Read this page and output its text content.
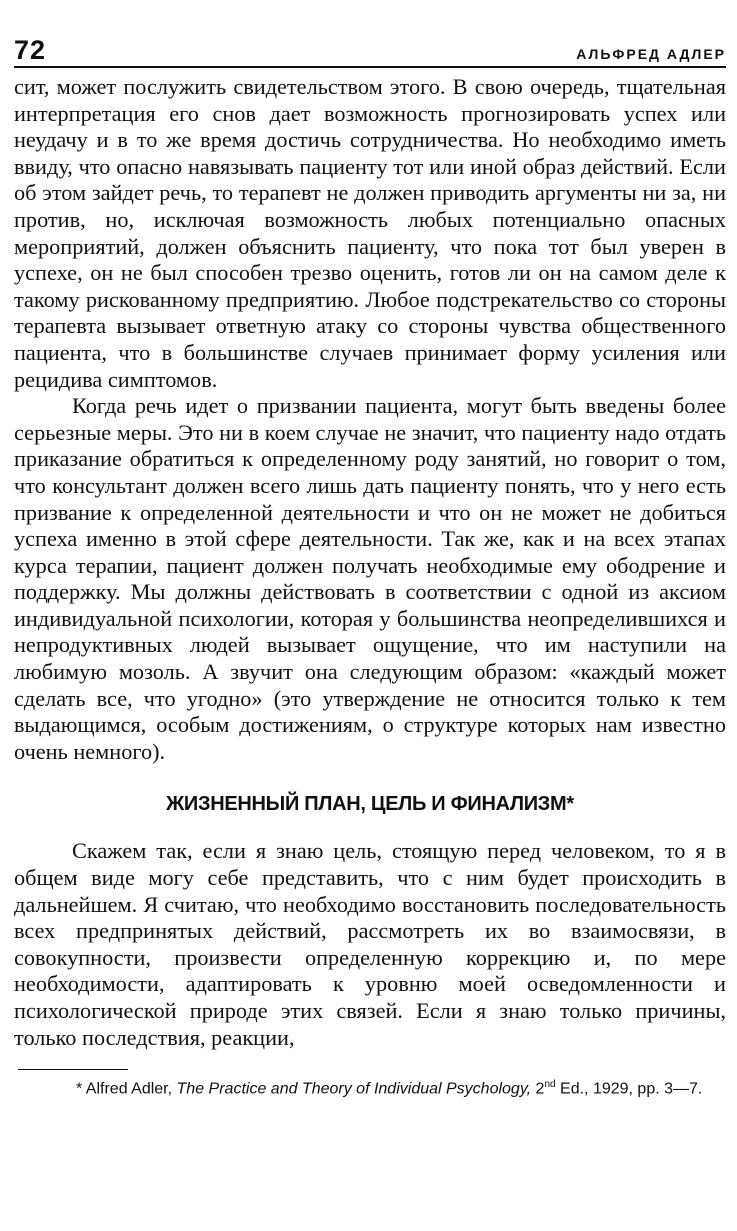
72	АЛЬФРЕД АДЛЕР

сит, может послужить свидетельством этого. В свою очередь, тщательная интерпретация его снов дает возможность прогнозировать успех или неудачу и в то же время достичь сотрудничества. Но необходимо иметь ввиду, что опасно навязывать пациенту тот или иной образ действий. Если об этом зайдет речь, то терапевт не должен приводить аргументы ни за, ни против, но, исключая возможность любых потенциально опасных мероприятий, должен объяснить пациенту, что пока тот был уверен в успехе, он не был способен трезво оценить, готов ли он на самом деле к такому рискованному предприятию. Любое подстрекательство со стороны терапевта вызывает ответную атаку со стороны чувства общественного пациента, что в большинстве случаев принимает форму усиления или рецидива симптомов.

Когда речь идет о призвании пациента, могут быть введены более серьезные меры. Это ни в коем случае не значит, что пациенту надо отдать приказание обратиться к определенному роду занятий, но говорит о том, что консультант должен всего лишь дать пациенту понять, что у него есть призвание к определенной деятельности и что он не может не добиться успеха именно в этой сфере деятельности. Так же, как и на всех этапах курса терапии, пациент должен получать необходимые ему ободрение и поддержку. Мы должны действовать в соответствии с одной из аксиом индивидуальной психологии, которая у большинства неопределившихся и непродуктивных людей вызывает ощущение, что им наступили на любимую мозоль. А звучит она следующим образом: «каждый может сделать все, что угодно» (это утверждение не относится только к тем выдающимся, особым достижениям, о структуре которых нам известно очень немного).

ЖИЗНЕННЫЙ ПЛАН, ЦЕЛЬ И ФИНАЛИЗМ*

Скажем так, если я знаю цель, стоящую перед человеком, то я в общем виде могу себе представить, что с ним будет происходить в дальнейшем. Я считаю, что необходимо восстановить последовательность всех предпринятых действий, рассмотреть их во взаимосвязи, в совокупности, произвести определенную коррекцию и, по мере необходимости, адаптировать к уровню моей осведомленности и психологической природе этих связей. Если я знаю только причины, только последствия, реакции,

* Alfred Adler, The Practice and Theory of Individual Psychology, 2nd Ed., 1929, pp. 3—7.
